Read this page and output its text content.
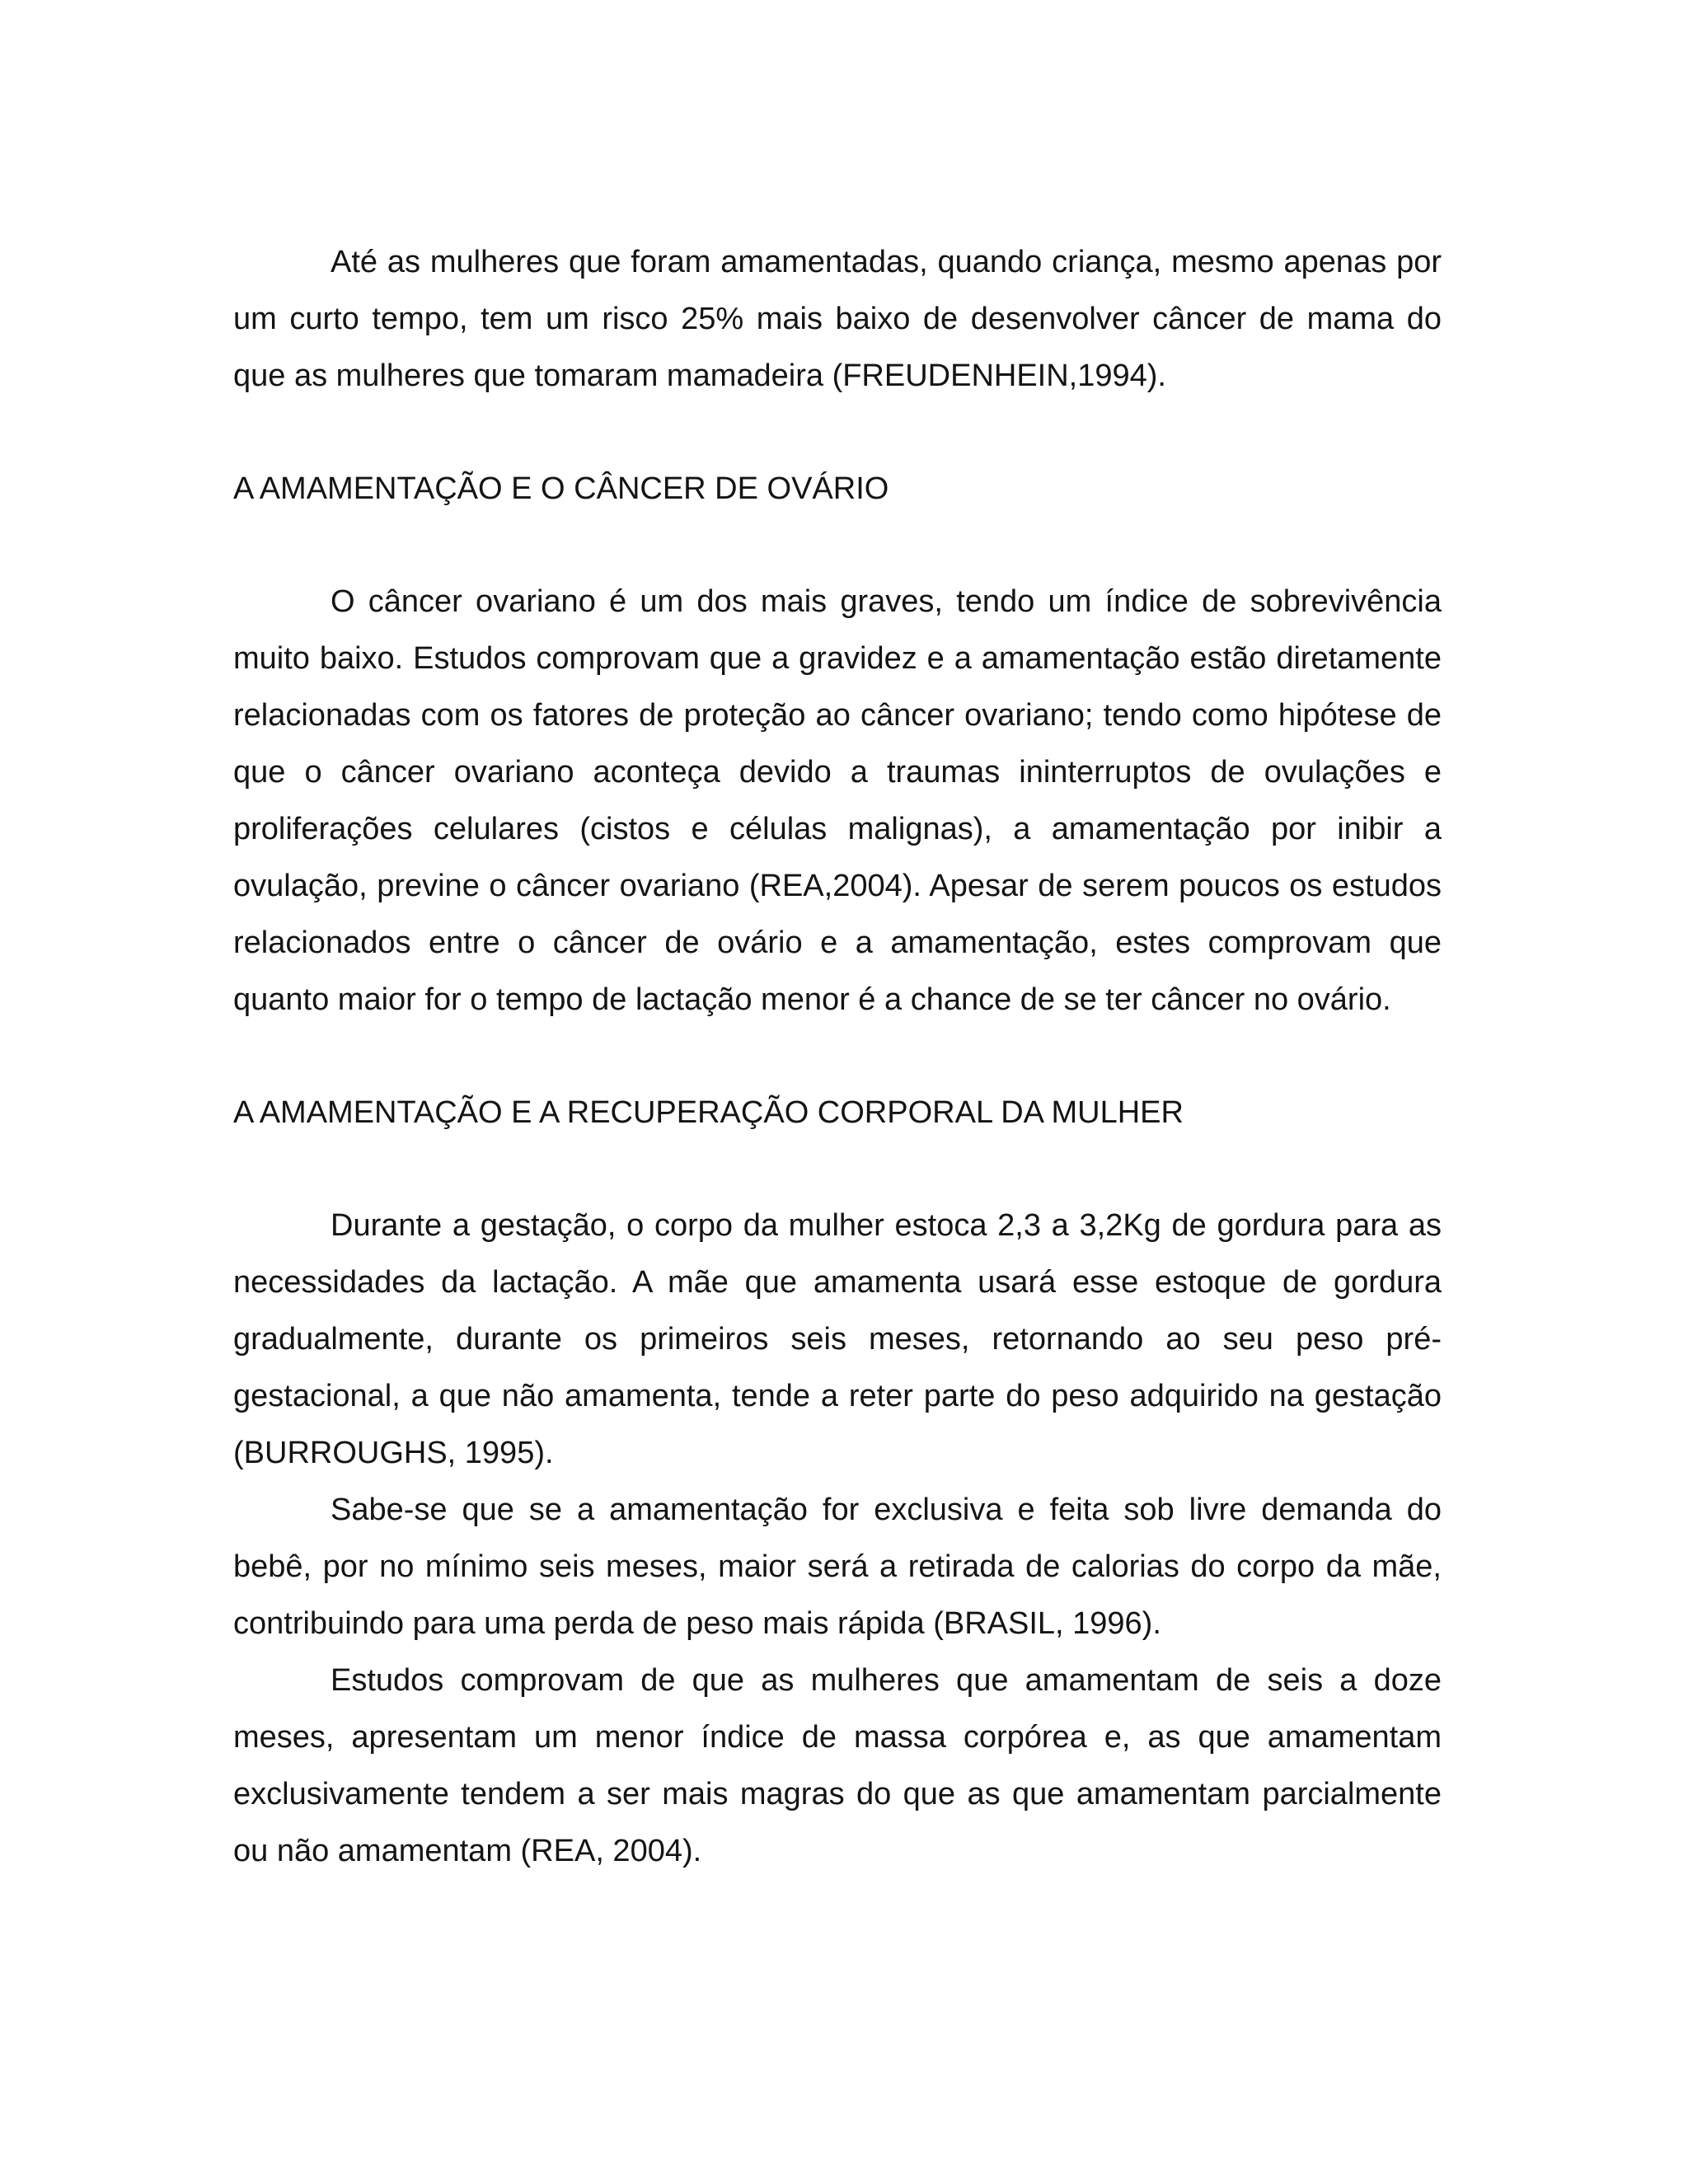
Até as mulheres que foram amamentadas, quando criança, mesmo apenas por um curto tempo, tem um risco 25% mais baixo de desenvolver câncer de mama do que as mulheres que tomaram mamadeira (FREUDENHEIN,1994).

A AMAMENTAÇÃO E O CÂNCER DE OVÁRIO

O câncer ovariano é um dos mais graves, tendo um índice de sobrevivência muito baixo. Estudos comprovam que a gravidez e a amamentação estão diretamente relacionadas com os fatores de proteção ao câncer ovariano; tendo como hipótese de que o câncer ovariano aconteça devido a traumas ininterruptos de ovulações e proliferações celulares (cistos e células malignas), a amamentação por inibir a ovulação, previne o câncer ovariano (REA,2004). Apesar de serem poucos os estudos relacionados entre o câncer de ovário e a amamentação, estes comprovam que quanto maior for o tempo de lactação menor é a chance de se ter câncer no ovário.

A AMAMENTAÇÃO E A RECUPERAÇÃO CORPORAL DA MULHER

Durante a gestação, o corpo da mulher estoca 2,3 a 3,2Kg de gordura para as necessidades da lactação. A mãe que amamenta usará esse estoque de gordura gradualmente, durante os primeiros seis meses, retornando ao seu peso pré-gestacional, a que não amamenta, tende a reter parte do peso adquirido na gestação (BURROUGHS, 1995).

Sabe-se que se a amamentação for exclusiva e feita sob livre demanda do bebê, por no mínimo seis meses, maior será a retirada de calorias do corpo da mãe, contribuindo para uma perda de peso mais rápida (BRASIL, 1996).

Estudos comprovam de que as mulheres que amamentam de seis a doze meses, apresentam um menor índice de massa corpórea e, as que amamentam exclusivamente tendem a ser mais magras do que as que amamentam parcialmente ou não amamentam (REA, 2004).
